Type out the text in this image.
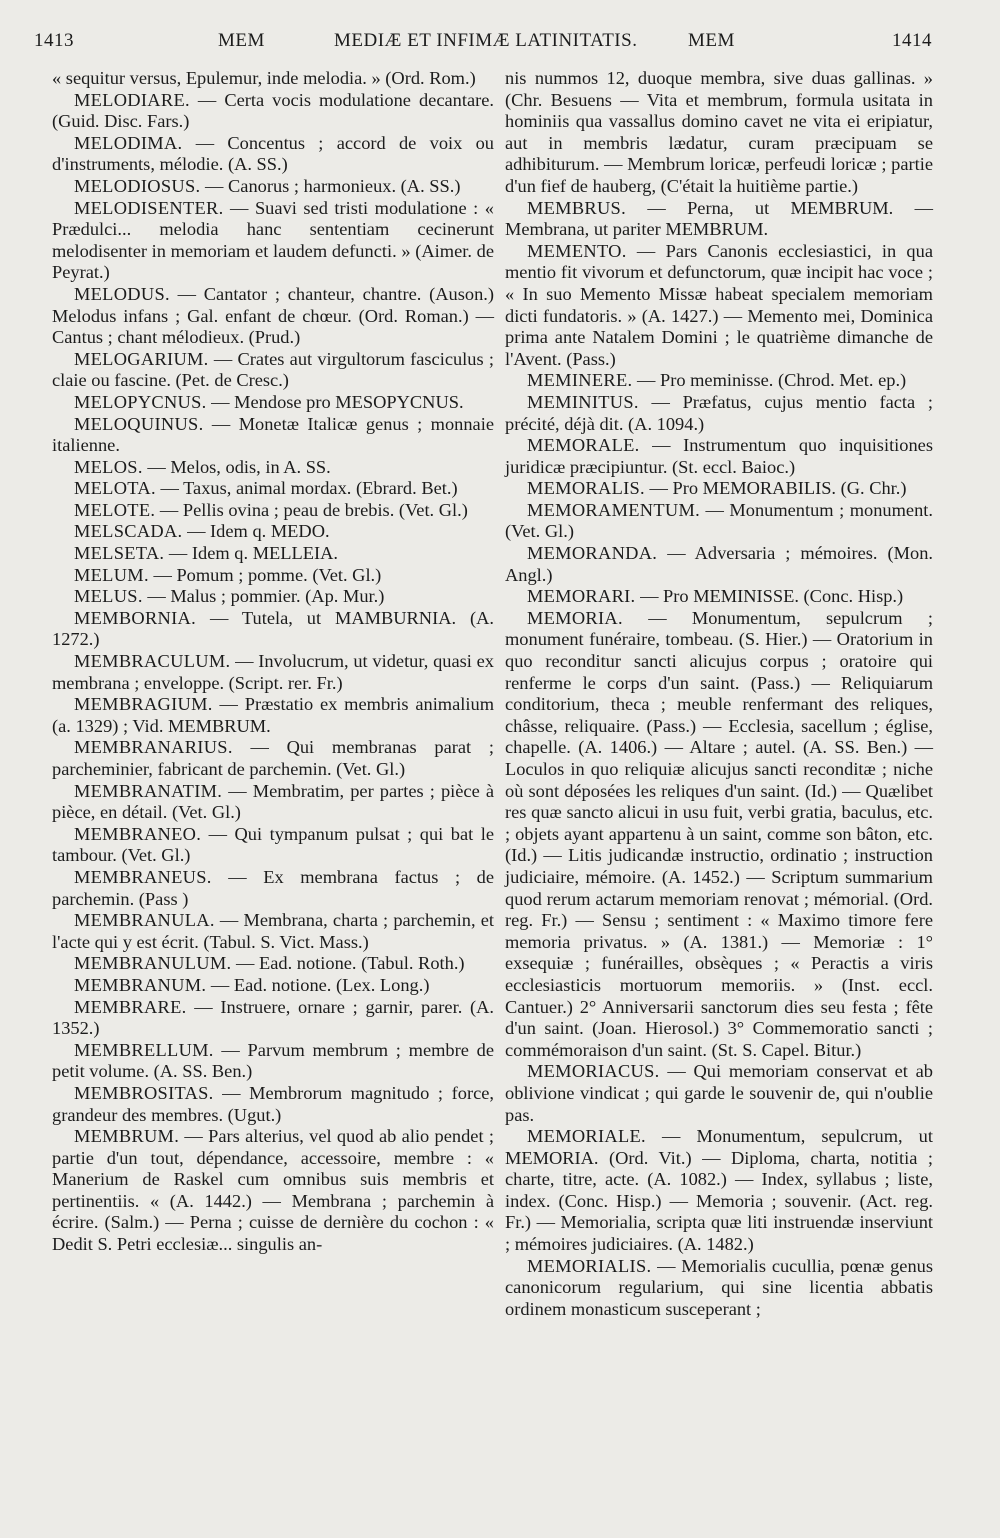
1413	MEM	MEDIÆ ET INFIMÆ LATINITATIS.	MEM	1414

« sequitur versus, Epulemur, inde melodia. » (Ord. Rom.)

MELODIARE. — Certa vocis modulatione decantare. (Guid. Disc. Fars.)

MELODIMA. — Concentus ; accord de voix ou d'instruments, mélodie. (A. SS.)

MELODIOSUS. — Canorus ; harmonieux. (A. SS.)

MELODISENTER. — Suavi sed tristi modulatione : « Prædulci... melodia hanc sententiam cecinerunt melodisenter in memoriam et laudem defuncti. » (Aimer. de Peyrat.)

MELODUS. — Cantator ; chanteur, chantre. (Auson.) Melodus infans ; Gal. enfant de chœur. (Ord. Roman.) — Cantus ; chant mélodieux. (Prud.)

MELOGARIUM. — Crates aut virgultorum fasciculus ; claie ou fascine. (Pet. de Cresc.)

MELOPYCNUS. — Mendose pro MESOPYCNUS.

MELOQUINUS. — Monetæ Italicæ genus ; monnaie italienne.

MELOS. — Melos, odis, in A. SS.

MELOTA. — Taxus, animal mordax. (Ebrard. Bet.)

MELOTE. — Pellis ovina ; peau de brebis. (Vet. Gl.)

MELSCADA. — Idem q. MEDO.

MELSETA. — Idem q. MELLEIA.

MELUM. — Pomum ; pomme. (Vet. Gl.)

MELUS. — Malus ; pommier. (Ap. Mur.)

MEMBORNIA. — Tutela, ut MAMBURNIA. (A. 1272.)

MEMBRACULUM. — Involucrum, ut videtur, quasi ex membrana ; enveloppe. (Script. rer. Fr.)

MEMBRAGIUM. — Præstatio ex membris animalium (a. 1329) ; Vid. MEMBRUM.

MEMBRANARIUS. — Qui membranas parat ; parcheminier, fabricant de parchemin. (Vet. Gl.)

MEMBRANATIM. — Membratim, per partes ; pièce à pièce, en détail. (Vet. Gl.)

MEMBRANEO. — Qui tympanum pulsat ; qui bat le tambour. (Vet. Gl.)

MEMBRANEUS. — Ex membrana factus ; de parchemin. (Pass )

MEMBRANULA. — Membrana, charta ; parchemin, et l'acte qui y est écrit. (Tabul. S. Vict. Mass.)

MEMBRANULUM. — Ead. notione. (Tabul. Roth.)

MEMBRANUM. — Ead. notione. (Lex. Long.)

MEMBRARE. — Instruere, ornare ; garnir, parer. (A. 1352.)

MEMBRELLUM. — Parvum membrum ; membre de petit volume. (A. SS. Ben.)

MEMBROSITAS. — Membrorum magnitudo ; force, grandeur des membres. (Ugut.)

MEMBRUM. — Pars alterius, vel quod ab alio pendet ; partie d'un tout, dépendance, accessoire, membre : « Manerium de Raskel cum omnibus suis membris et pertinentiis. « (A. 1442.) — Membrana ; parchemin à écrire. (Salm.) — Perna ; cuisse de dernière du cochon : « Dedit S. Petri ecclesiæ... singulis an-

nis nummos 12, duoque membra, sive duas gallinas. » (Chr. Besuens — Vita et membrum, formula usitata in hominiis qua vassallus domino cavet ne vita ei eripiatur, aut in membris lædatur, curam præcipuam se adhibiturum. — Membrum loricæ, perfeudi loricæ ; partie d'un fief de hauberg, (C'était la huitième partie.)

MEMBRUS. — Perna, ut MEMBRUM. — Membrana, ut pariter MEMBRUM.

MEMENTO. — Pars Canonis ecclesiastici, in qua mentio fit vivorum et defunctorum, quæ incipit hac voce ; « In suo Memento Missæ habeat specialem memoriam dicti fundatoris. » (A. 1427.) — Memento mei, Dominica prima ante Natalem Domini ; le quatrième dimanche de l'Avent. (Pass.)

MEMINERE. — Pro meminisse. (Chrod. Met. ep.)

MEMINITUS. — Præfatus, cujus mentio facta ; précité, déjà dit. (A. 1094.)

MEMORALE. — Instrumentum quo inquisitiones juridicæ præcipiuntur. (St. eccl. Baioc.)

MEMORALIS. — Pro MEMORABILIS. (G. Chr.)

MEMORAMENTUM. — Monumentum ; monument. (Vet. Gl.)

MEMORANDA. — Adversaria ; mémoires. (Mon. Angl.)

MEMORARI. — Pro MEMINISSE. (Conc. Hisp.)

MEMORIA. — Monumentum, sepulcrum ; monument funéraire, tombeau. (S. Hier.) — Oratorium in quo reconditur sancti alicujus corpus ; oratoire qui renferme le corps d'un saint. (Pass.) — Reliquiarum conditorium, theca ; meuble renfermant des reliques, châsse, reliquaire. (Pass.) — Ecclesia, sacellum ; église, chapelle. (A. 1406.) — Altare ; autel. (A. SS. Ben.) — Loculos in quo reliquiæ alicujus sancti reconditæ ; niche où sont déposées les reliques d'un saint. (Id.) — Quælibet res quæ sancto alicui in usu fuit, verbi gratia, baculus, etc. ; objets ayant appartenu à un saint, comme son bâton, etc. (Id.) — Litis judicandæ instructio, ordinatio ; instruction judiciaire, mémoire. (A. 1452.) — Scriptum summarium quod rerum actarum memoriam renovat ; mémorial. (Ord. reg. Fr.) — Sensu ; sentiment : « Maximo timore fere memoria privatus. » (A. 1381.) — Memoriæ : 1° exsequiæ ; funérailles, obsèques ; « Peractis a viris ecclesiasticis mortuorum memoriis. » (Inst. eccl. Cantuer.) 2° Anniversarii sanctorum dies seu festa ; fête d'un saint. (Joan. Hierosol.) 3° Commemoratio sancti ; commémoraison d'un saint. (St. S. Capel. Bitur.)

MEMORIACUS. — Qui memoriam conservat et ab oblivione vindicat ; qui garde le souvenir de, qui n'oublie pas.

MEMORIALE. — Monumentum, sepulcrum, ut MEMORIA. (Ord. Vit.) — Diploma, charta, notitia ; charte, titre, acte. (A. 1082.) — Index, syllabus ; liste, index. (Conc. Hisp.) — Memoria ; souvenir. (Act. reg. Fr.) — Memorialia, scripta quæ liti instruendæ inserviunt ; mémoires judiciaires. (A. 1482.)

MEMORIALIS. — Memorialis cucullia, pœnæ genus canonicorum regularium, qui sine licentia abbatis ordinem monasticum susceperant ;
